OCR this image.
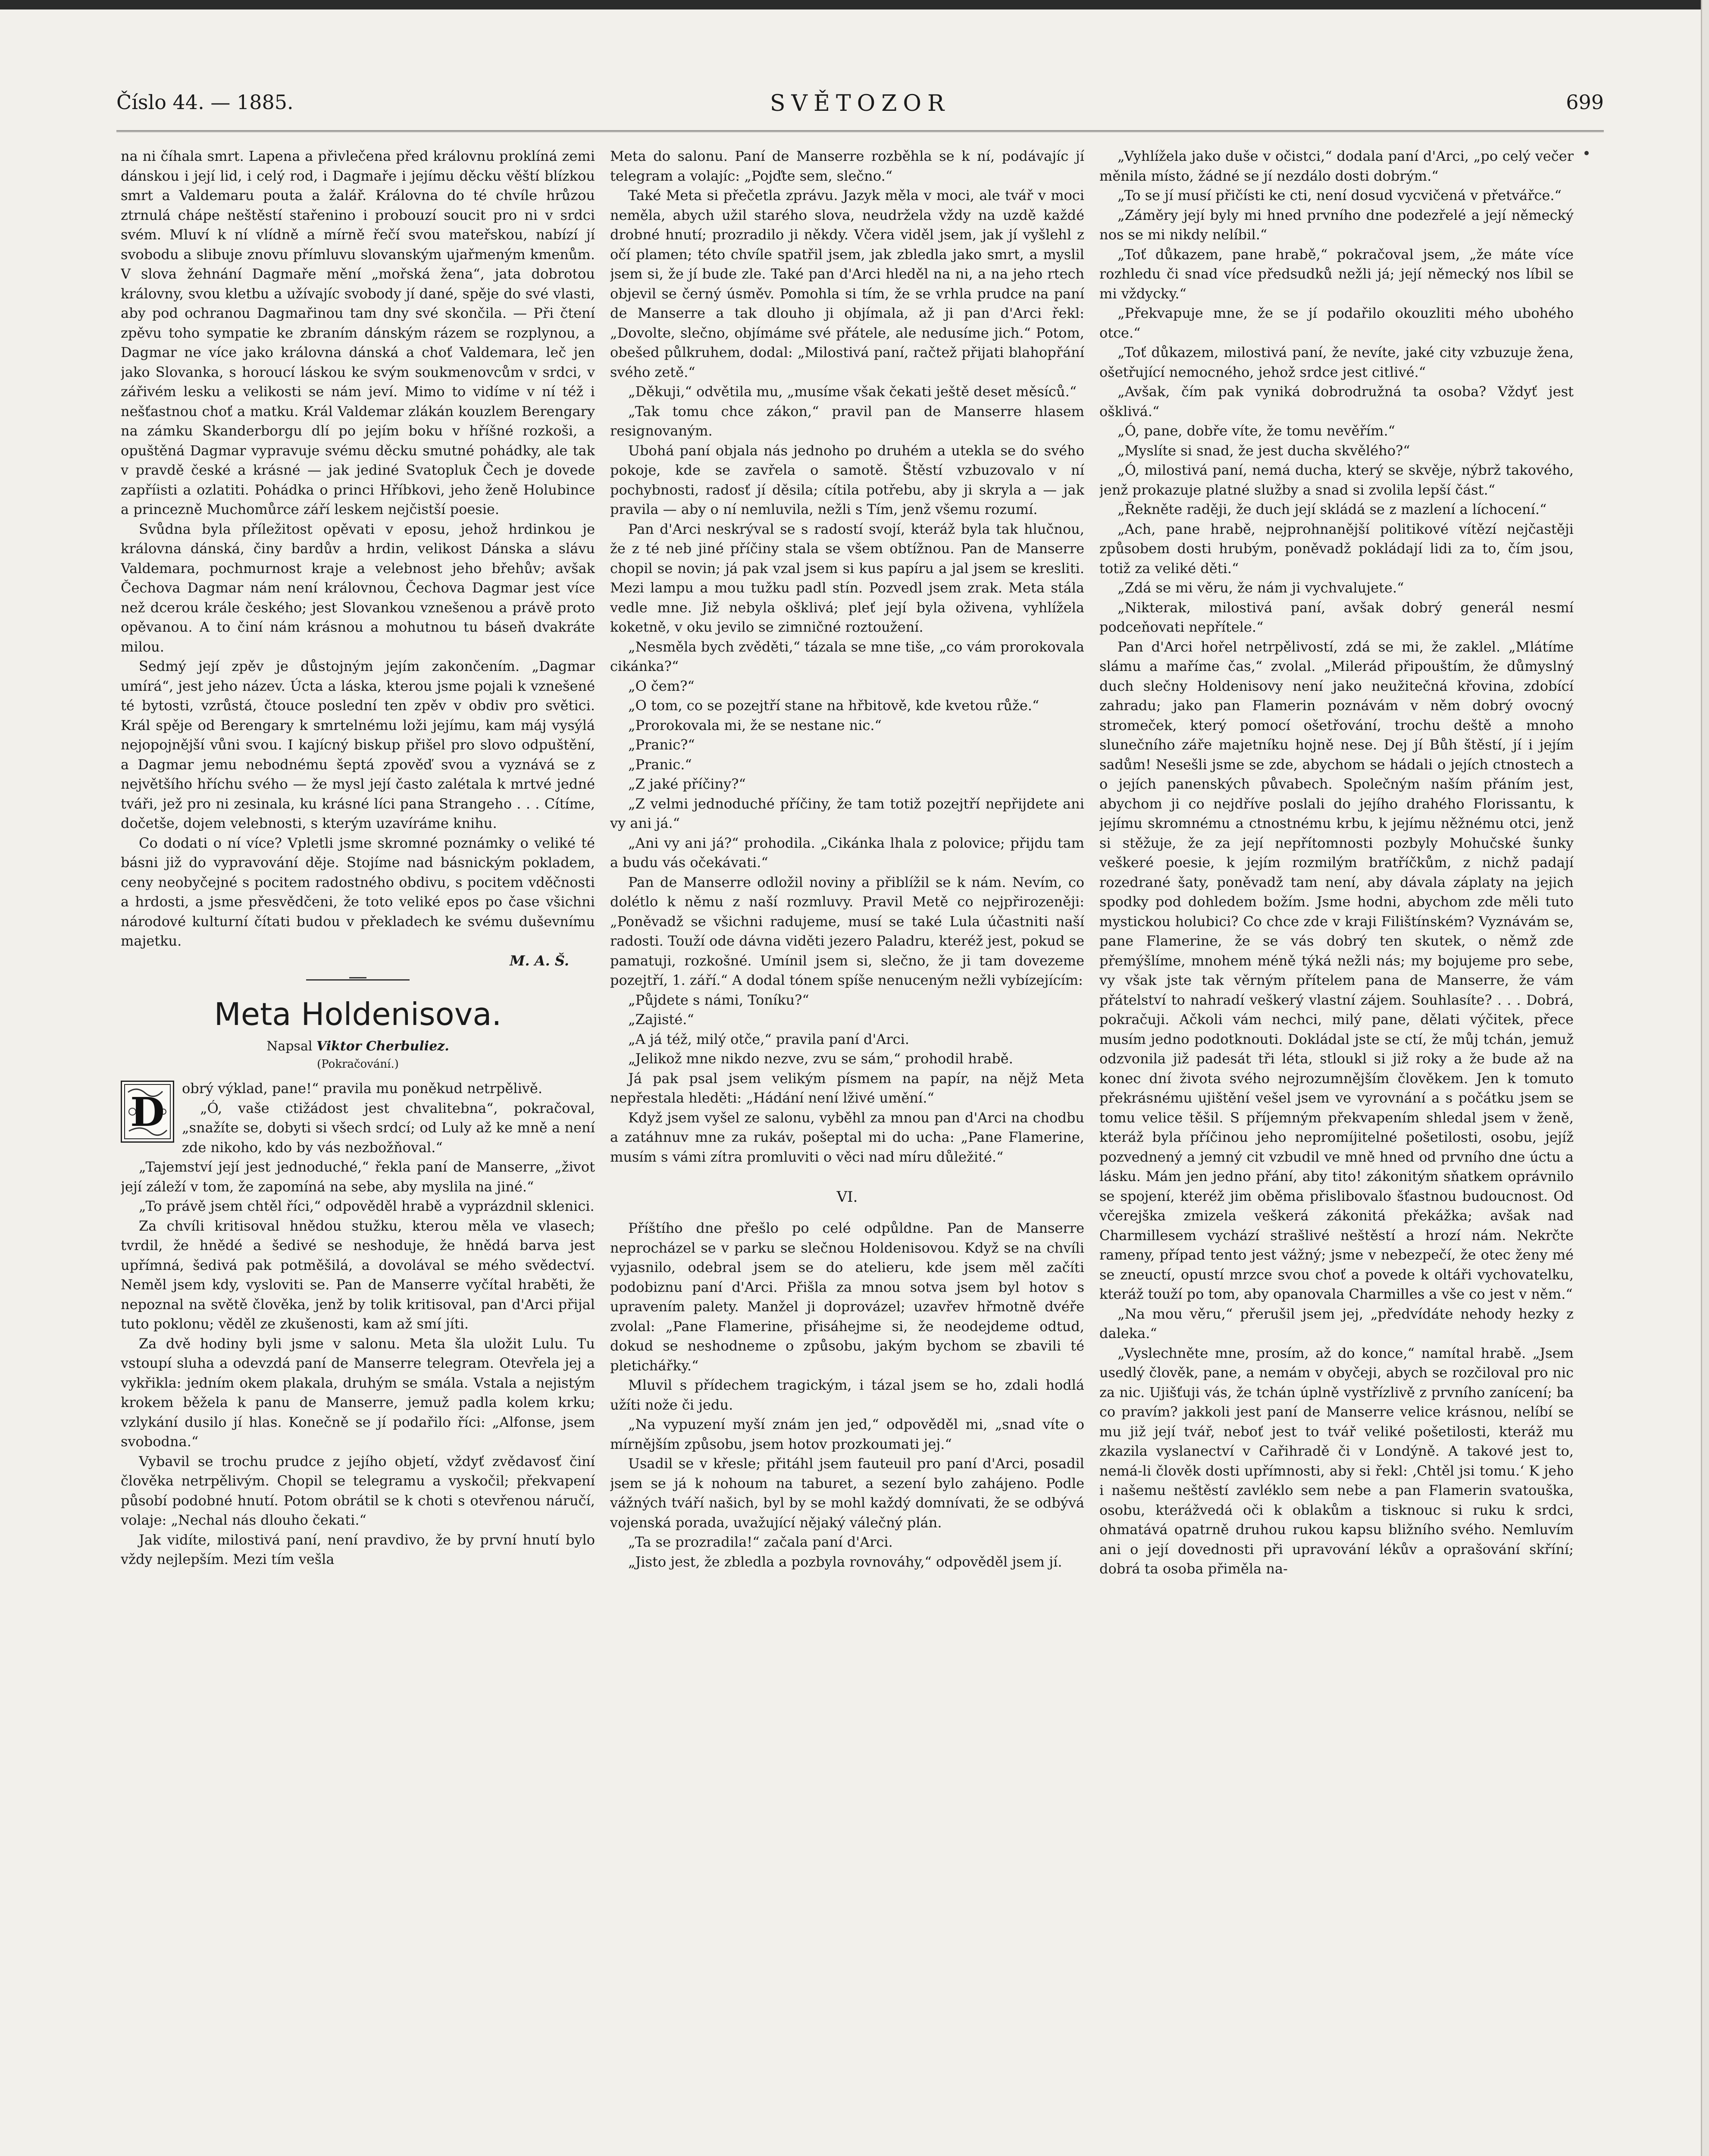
Číslo 44. — 1885.	SVĚTOZOR	699

na ni číhala smrt. Lapena a přivlečena před královnu proklíná zemi dánskou i její lid, i celý rod, i Dagmaře i jejímu děcku věští blízkou smrt a Valdemaru pouta a žalář. Královna do té chvíle hrůzou ztrnulá chápe neštěstí stařenino i probouzí soucit pro ni v srdci svém. Mluví k ní vlídně a mírně řečí svou mateřskou, nabízí jí svobodu a slibuje znovu přímluvu slovanským ujařmeným kmenům. V slova žehnání Dagmaře mění „mořská žena“, jata dobrotou královny, svou kletbu a užívajíc svobody jí dané, spěje do své vlasti, aby pod ochranou Dagmařinou tam dny své skončila. — Při čtení zpěvu toho sympatie ke zbraním dánským rázem se rozplynou, a Dagmar ne více jako královna dánská a choť Valdemara, leč jen jako Slovanka, s horoucí láskou ke svým soukmenovcům v srdci, v zářivém lesku a velikosti se nám jeví. Mimo to vidíme v ní též i nešťastnou choť a matku. Král Valdemar zlákán kouzlem Berengary na zámku Skanderborgu dlí po jejím boku v hříšné rozkoši, a opuštěná Dagmar vypravuje svému děcku smutné pohádky, ale tak v pravdě české a krásné — jak jediné Svatopluk Čech je dovede zapříisti a ozlatiti. Pohádka o princi Hříbkovi, jeho ženě Holubince a princezně Muchomůrce září leskem nejčistší poesie.

Svůdna byla příležitost opěvati v eposu, jehož hrdinkou je královna dánská, činy bardův a hrdin, velikost Dánska a slávu Valdemara, pochmurnost kraje a velebnost jeho břehův; avšak Čechova Dagmar nám není královnou, Čechova Dagmar jest více než dcerou krále českého; jest Slovankou vznešenou a právě proto opěvanou. A to činí nám krásnou a mohutnou tu báseň dvakráte milou.

Sedmý její zpěv je důstojným jejím zakončením. „Dagmar umírá“, jest jeho název. Úcta a láska, kterou jsme pojali k vznešené té bytosti, vzrůstá, čtouce poslední ten zpěv v obdiv pro světici. Král spěje od Berengary k smrtelnému loži jejímu, kam máj vysýlá nejopojnější vůni svou. I kajícný biskup přišel pro slovo odpuštění, a Dagmar jemu nebodnému šeptá zpověď svou a vyznává se z největšího hříchu svého — že mysl její často zalétala k mrtvé jedné tváři, jež pro ni zesinala, ku krásné líci pana Strangeho . . . Cítíme, dočetše, dojem velebnosti, s kterým uzavíráme knihu.

Co dodati o ní více? Vpletli jsme skromné poznámky o veliké té básni již do vypravování děje. Stojíme nad básnickým pokladem, ceny neobyčejné s pocitem radostného obdivu, s pocitem vděčnosti a hrdosti, a jsme přesvědčeni, že toto veliké epos po čase všichni národové kulturní čítati budou v překladech ke svému duševnímu majetku.

M. A. Š.
Meta Holdenisova.
Napsal Viktor Cherbuliez.
(Pokračování.)
D

obrý výklad, pane!“ pravila mu poněkud netrpělivě.

„Ó, vaše ctižádost jest chvalitebna“, pokračoval, „snažíte se, dobyti si všech srdcí; od Luly až ke mně a není zde nikoho, kdo by vás nezbožňoval.“

„Tajemství její jest jednoduché,“ řekla paní de Manserre, „život její záleží v tom, že zapomíná na sebe, aby myslila na jiné.“

„To právě jsem chtěl říci,“ odpověděl hrabě a vyprázdnil sklenici.

Za chvíli kritisoval hnědou stužku, kterou měla ve vlasech; tvrdil, že hnědé a šedivé se neshoduje, že hnědá barva jest upřímná, šedivá pak potměšilá, a dovolával se mého svědectví. Neměl jsem kdy, vysloviti se. Pan de Manserre vyčítal hraběti, že nepoznal na světě člověka, jenž by tolik kritisoval, pan d'Arci přijal tuto poklonu; věděl ze zkušenosti, kam až smí jíti.

Za dvě hodiny byli jsme v salonu. Meta šla uložit Lulu. Tu vstoupí sluha a odevzdá paní de Manserre telegram. Otevřela jej a vykřikla: jedním okem plakala, druhým se smála. Vstala a nejistým krokem běžela k panu de Manserre, jemuž padla kolem krku; vzlykání dusilo jí hlas. Konečně se jí podařilo říci: „Alfonse, jsem svobodna.“

Vybavil se trochu prudce z jejího objetí, vždyť zvědavosť činí člověka netrpělivým. Chopil se telegramu a vyskočil; překvapení působí podobné hnutí. Potom obrátil se k choti s otevřenou náručí, volaje: „Nechal nás dlouho čekati.“

Jak vidíte, milostivá paní, není pravdivo, že by první hnutí bylo vždy nejlepším. Mezi tím vešla

Meta do salonu. Paní de Manserre rozběhla se k ní, podávajíc jí telegram a volajíc: „Pojďte sem, slečno.“

Také Meta si přečetla zprávu. Jazyk měla v moci, ale tvář v moci neměla, abych užil starého slova, neudržela vždy na uzdě každé drobné hnutí; prozradilo ji někdy. Včera viděl jsem, jak jí vyšlehl z očí plamen; této chvíle spatřil jsem, jak zbledla jako smrt, a myslil jsem si, že jí bude zle. Také pan d'Arci hleděl na ni, a na jeho rtech objevil se černý úsměv. Pomohla si tím, že se vrhla prudce na paní de Manserre a tak dlouho ji objímala, až ji pan d'Arci řekl: „Dovolte, slečno, objímáme své přátele, ale nedusíme jich.“ Potom, obešed půlkruhem, dodal: „Milostivá paní, račtež přijati blahopřání svého zetě.“

„Děkuji,“ odvětila mu, „musíme však čekati ještě deset měsíců.“

„Tak tomu chce zákon,“ pravil pan de Manserre hlasem resignovaným.

Ubohá paní objala nás jednoho po druhém a utekla se do svého pokoje, kde se zavřela o samotě. Štěstí vzbuzovalo v ní pochybnosti, radosť jí děsila; cítila potřebu, aby ji skryla a — jak pravila — aby o ní nemluvila, nežli s Tím, jenž všemu rozumí.

Pan d'Arci neskrýval se s radostí svojí, kteráž byla tak hlučnou, že z té neb jiné příčiny stala se všem obtížnou. Pan de Manserre chopil se novin; já pak vzal jsem si kus papíru a jal jsem se kresliti. Mezi lampu a mou tužku padl stín. Pozvedl jsem zrak. Meta stála vedle mne. Již nebyla ošklivá; pleť její byla oživena, vyhlížela koketně, v oku jevilo se zimničné roztoužení.

„Nesměla bych zvěděti,“ tázala se mne tiše, „co vám prorokovala cikánka?“

„O čem?“

„O tom, co se pozejtří stane na hřbitově, kde kvetou růže.“

„Prorokovala mi, že se nestane nic.“

„Pranic?“

„Pranic.“

„Z jaké příčiny?“

„Z velmi jednoduché příčiny, že tam totiž pozejtří nepřijdete ani vy ani já.“

„Ani vy ani já?“ prohodila. „Cikánka lhala z polovice; přijdu tam a budu vás očekávati.“

Pan de Manserre odložil noviny a přiblížil se k nám. Nevím, co dolétlo k němu z naší rozmluvy. Pravil Metě co nejpřirozeněji: „Poněvadž se všichni radujeme, musí se také Lula účastniti naší radosti. Touží ode dávna viděti jezero Paladru, kteréž jest, pokud se pamatuji, rozkošné. Umínil jsem si, slečno, že ji tam dovezeme pozejtří, 1. září.“ A dodal tónem spíše nenuceným nežli vybízejícím:

„Půjdete s námi, Toníku?“

„Zajisté.“

„A já též, milý otče,“ pravila paní d'Arci.

„Jelikož mne nikdo nezve, zvu se sám,“ prohodil hrabě.

Já pak psal jsem velikým písmem na papír, na nějž Meta nepřestala hleděti: „Hádání není lživé umění.“

Když jsem vyšel ze salonu, vyběhl za mnou pan d'Arci na chodbu a zatáhnuv mne za rukáv, pošeptal mi do ucha: „Pane Flamerine, musím s vámi zítra promluviti o věci nad míru důležité.“

VI.

Příštího dne přešlo po celé odpůldne. Pan de Manserre neprocházel se v parku se slečnou Holdenisovou. Když se na chvíli vyjasnilo, odebral jsem se do atelieru, kde jsem měl začíti podobiznu paní d'Arci. Přišla za mnou sotva jsem byl hotov s upravením palety. Manžel ji doprovázel; uzavřev hřmotně dvéře zvolal: „Pane Flamerine, přisáhejme si, že neodejdeme odtud, dokud se neshodneme o způsobu, jakým bychom se zbavili té pletichářky.“

Mluvil s přídechem tragickým, i tázal jsem se ho, zdali hodlá užíti nože či jedu.

„Na vypuzení myší znám jen jed,“ odpověděl mi, „snad víte o mírnějším způsobu, jsem hotov prozkoumati jej.“

Usadil se v křesle; přitáhl jsem fauteuil pro paní d'Arci, posadil jsem se já k nohoum na taburet, a sezení bylo zahájeno. Podle vážných tváří našich, byl by se mohl každý domnívati, že se odbývá vojenská porada, uvažující nějaký válečný plán.

„Ta se prozradila!“ začala paní d'Arci.

„Jisto jest, že zbledla a pozbyla rovnováhy,“ odpověděl jsem jí.

„Vyhlížela jako duše v očistci,“ dodala paní d'Arci, „po celý večer měnila místo, žádné se jí nezdálo dosti dobrým.“

„To se jí musí přičísti ke cti, není dosud vycvičená v přetvářce.“

„Záměry její byly mi hned prvního dne podezřelé a její německý nos se mi nikdy nelíbil.“

„Toť důkazem, pane hrabě,“ pokračoval jsem, „že máte více rozhledu či snad více předsudků nežli já; její německý nos líbil se mi vždycky.“

„Překvapuje mne, že se jí podařilo okouzliti mého ubohého otce.“

„Toť důkazem, milostivá paní, že nevíte, jaké city vzbuzuje žena, ošetřující nemocného, jehož srdce jest citlivé.“

„Avšak, čím pak vyniká dobrodružná ta osoba? Vždyť jest ošklivá.“

„Ó, pane, dobře víte, že tomu nevěřím.“

„Myslíte si snad, že jest ducha skvělého?“

„Ó, milostivá paní, nemá ducha, který se skvěje, nýbrž takového, jenž prokazuje platné služby a snad si zvolila lepší část.“

„Řekněte raději, že duch její skládá se z mazlení a líchocení.“

„Ach, pane hrabě, nejprohnanější politikové vítězí nejčastěji způsobem dosti hrubým, poněvadž pokládají lidi za to, čím jsou, totiž za veliké děti.“

„Zdá se mi věru, že nám ji vychvalujete.“

„Nikterak, milostivá paní, avšak dobrý generál nesmí podceňovati nepřítele.“

Pan d'Arci hořel netrpělivostí, zdá se mi, že zaklel. „Mlátíme slámu a maříme čas,“ zvolal. „Milerád připouštím, že důmyslný duch slečny Holdenisovy není jako neužitečná křovina, zdobící zahradu; jako pan Flamerin poznávám v něm dobrý ovocný stromeček, který pomocí ošetřování, trochu deště a mnoho slunečního záře majetníku hojně nese. Dej jí Bůh štěstí, jí i jejím sadům! Nesešli jsme se zde, abychom se hádali o jejích ctnostech a o jejích panenských půvabech. Společným naším přáním jest, abychom ji co nejdříve poslali do jejího drahého Florissantu, k jejímu skromnému a ctnostnému krbu, k jejímu něžnému otci, jenž si stěžuje, že za její nepřítomnosti pozbyly Mohučské šunky veškeré poesie, k jejím rozmilým bratříčkům, z nichž padají rozedrané šaty, poněvadž tam není, aby dávala záplaty na jejich spodky pod dohledem božím. Jsme hodni, abychom zde měli tuto mystickou holubici? Co chce zde v kraji Filištínském? Vyznávám se, pane Flamerine, že se vás dobrý ten skutek, o němž zde přemýšlíme, mnohem méně týká nežli nás; my bojujeme pro sebe, vy však jste tak věrným přítelem pana de Manserre, že vám přátelství to nahradí veškerý vlastní zájem. Souhlasíte? . . . Dobrá, pokračuji. Ačkoli vám nechci, milý pane, dělati výčitek, přece musím jedno podotknouti. Dokládal jste se ctí, že můj tchán, jemuž odzvonila již padesát tři léta, stloukl si již roky a že bude až na konec dní života svého nejrozumnějším člověkem. Jen k tomuto překrásnému ujištění vešel jsem ve vyrovnání a s počátku jsem se tomu velice těšil. S příjemným překvapením shledal jsem v ženě, kteráž byla příčinou jeho nepromíjitelné pošetilosti, osobu, jejíž pozvednený a jemný cit vzbudil ve mně hned od prvního dne úctu a lásku. Mám jen jedno přání, aby tito! zákonitým sňatkem oprávnilo se spojení, kteréž jim oběma přislibovalo šťastnou budoucnost. Od včerejška zmizela veškerá zákonitá překážka; avšak nad Charmillesem vychází strašlivé neštěstí a hrozí nám. Nekrčte rameny, případ tento jest vážný; jsme v nebezpečí, že otec ženy mé se zneuctí, opustí mrzce svou choť a povede k oltáři vychovatelku, kteráž touží po tom, aby opanovala Charmilles a vše co jest v něm.“

„Na mou věru,“ přerušil jsem jej, „předvídáte nehody hezky z daleka.“

„Vyslechněte mne, prosím, až do konce,“ namítal hrabě. „Jsem usedlý člověk, pane, a nemám v obyčeji, abych se rozčiloval pro nic za nic. Ujišťuji vás, že tchán úplně vystřízlivě z prvního zanícení; ba co pravím? jakkoli jest paní de Manserre velice krásnou, nelíbí se mu již její tvář, neboť jest to tvář veliké pošetilosti, kteráž mu zkazila vyslanectví v Cařihradě či v Londýně. A takové jest to, nemá-li člověk dosti upřímnosti, aby si řekl: ‚Chtěl jsi tomu.‘ K jeho i našemu neštěstí zavléklo sem nebe a pan Flamerin svatouška, osobu, kterážvedá oči k oblakům a tisknouc si ruku k srdci, ohmatává opatrně druhou rukou kapsu bližního svého. Nemluvím ani o její dovednosti při upravování lékův a oprašování skříní; dobrá ta osoba přiměla na-
